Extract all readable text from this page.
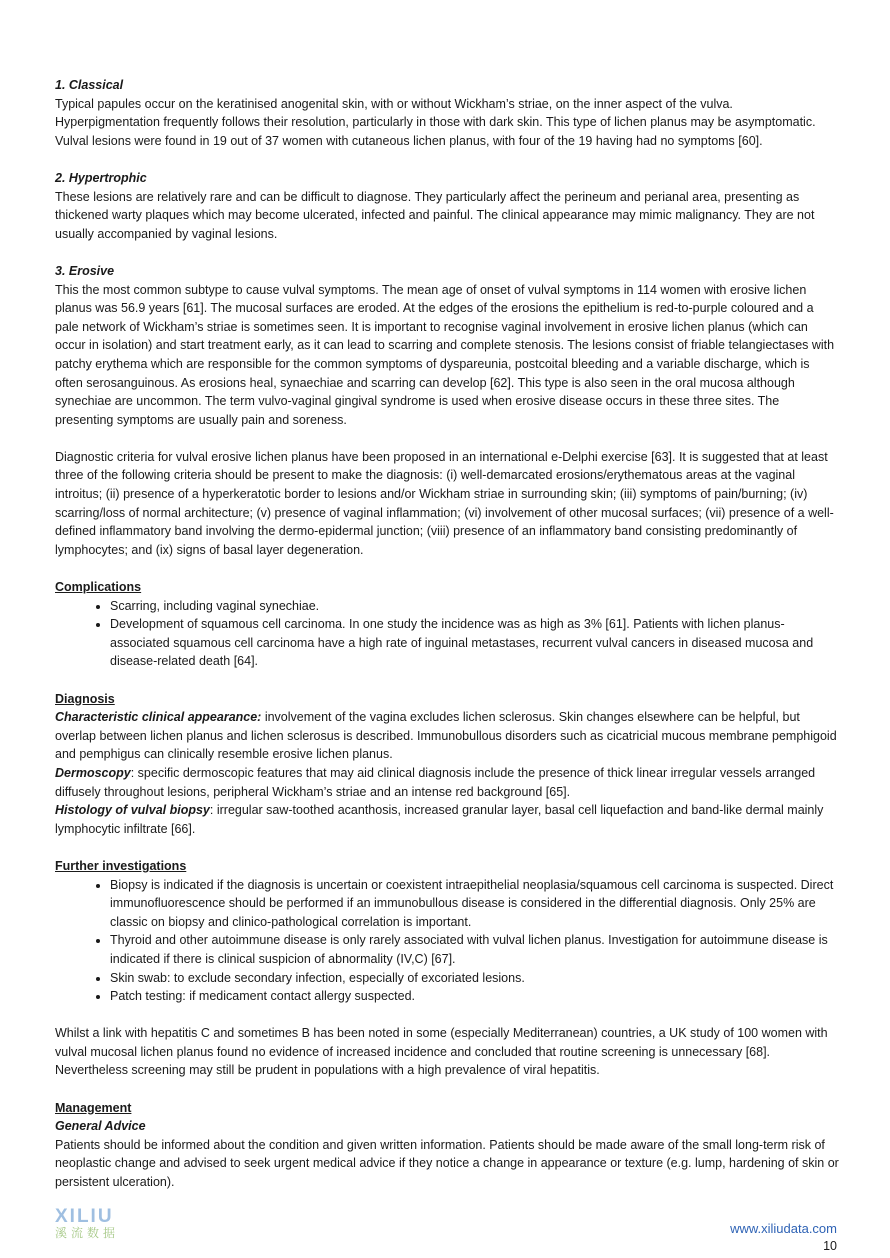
1. Classical

Typical papules occur on the keratinised anogenital skin, with or without Wickham’s striae, on the inner aspect of the vulva. Hyperpigmentation frequently follows their resolution, particularly in those with dark skin. This type of lichen planus may be asymptomatic. Vulval lesions were found in 19 out of 37 women with cutaneous lichen planus, with four of the 19 having had no symptoms [60].

2. Hypertrophic

These lesions are relatively rare and can be difficult to diagnose. They particularly affect the perineum and perianal area, presenting as thickened warty plaques which may become ulcerated, infected and painful. The clinical appearance may mimic malignancy. They are not usually accompanied by vaginal lesions.

3. Erosive

This the most common subtype to cause vulval symptoms. The mean age of onset of vulval symptoms in 114 women with erosive lichen planus was 56.9 years [61]. The mucosal surfaces are eroded. At the edges of the erosions the epithelium is red-to-purple coloured and a pale network of Wickham’s striae is sometimes seen. It is important to recognise vaginal involvement in erosive lichen planus (which can occur in isolation) and start treatment early, as it can lead to scarring and complete stenosis. The lesions consist of friable telangiectases with patchy erythema which are responsible for the common symptoms of dyspareunia, postcoital bleeding and a variable discharge, which is often serosanguinous. As erosions heal, synaechiae and scarring can develop [62]. This type is also seen in the oral mucosa although synechiae are uncommon. The term vulvo-vaginal gingival syndrome is used when erosive disease occurs in these three sites. The presenting symptoms are usually pain and soreness.

Diagnostic criteria for vulval erosive lichen planus have been proposed in an international e-Delphi exercise [63]. It is suggested that at least three of the following criteria should be present to make the diagnosis: (i) well-demarcated erosions/erythematous areas at the vaginal introitus; (ii) presence of a hyperkeratotic border to lesions and/or Wickham striae in surrounding skin; (iii) symptoms of pain/burning; (iv) scarring/loss of normal architecture; (v) presence of vaginal inflammation; (vi) involvement of other mucosal surfaces; (vii) presence of a well-defined inflammatory band involving the dermo-epidermal junction; (viii) presence of an inflammatory band consisting predominantly of lymphocytes; and (ix) signs of basal layer degeneration.

Complications

• Scarring, including vaginal synechiae.
• Development of squamous cell carcinoma. In one study the incidence was as high as 3% [61]. Patients with lichen planus-associated squamous cell carcinoma have a high rate of inguinal metastases, recurrent vulval cancers in diseased mucosa and disease-related death [64].

Diagnosis

Characteristic clinical appearance: involvement of the vagina excludes lichen sclerosus. Skin changes elsewhere can be helpful, but overlap between lichen planus and lichen sclerosus is described. Immunobullous disorders such as cicatricial mucous membrane pemphigoid and pemphigus can clinically resemble erosive lichen planus.

Dermoscopy: specific dermoscopic features that may aid clinical diagnosis include the presence of thick linear irregular vessels arranged diffusely throughout lesions, peripheral Wickham’s striae and an intense red background [65].

Histology of vulval biopsy: irregular saw-toothed acanthosis, increased granular layer, basal cell liquefaction and band-like dermal mainly lymphocytic infiltrate [66].

Further investigations

• Biopsy is indicated if the diagnosis is uncertain or coexistent intraepithelial neoplasia/squamous cell carcinoma is suspected. Direct immunofluorescence should be performed if an immunobullous disease is considered in the differential diagnosis. Only 25% are classic on biopsy and clinico-pathological correlation is important.
• Thyroid and other autoimmune disease is only rarely associated with vulval lichen planus. Investigation for autoimmune disease is indicated if there is clinical suspicion of abnormality (IV,C) [67].
• Skin swab: to exclude secondary infection, especially of excoriated lesions.
• Patch testing: if medicament contact allergy suspected.

Whilst a link with hepatitis C and sometimes B has been noted in some (especially Mediterranean) countries, a UK study of 100 women with vulval mucosal lichen planus found no evidence of increased incidence and concluded that routine screening is unnecessary [68]. Nevertheless screening may still be prudent in populations with a high prevalence of viral hepatitis.

Management

General Advice

Patients should be informed about the condition and given written information. Patients should be made aware of the small long-term risk of neoplastic change and advised to seek urgent medical advice if they notice a change in appearance or texture (e.g. lump, hardening of skin or persistent ulceration).

XILIU
溪流数据	www.xiliudata.com
10
